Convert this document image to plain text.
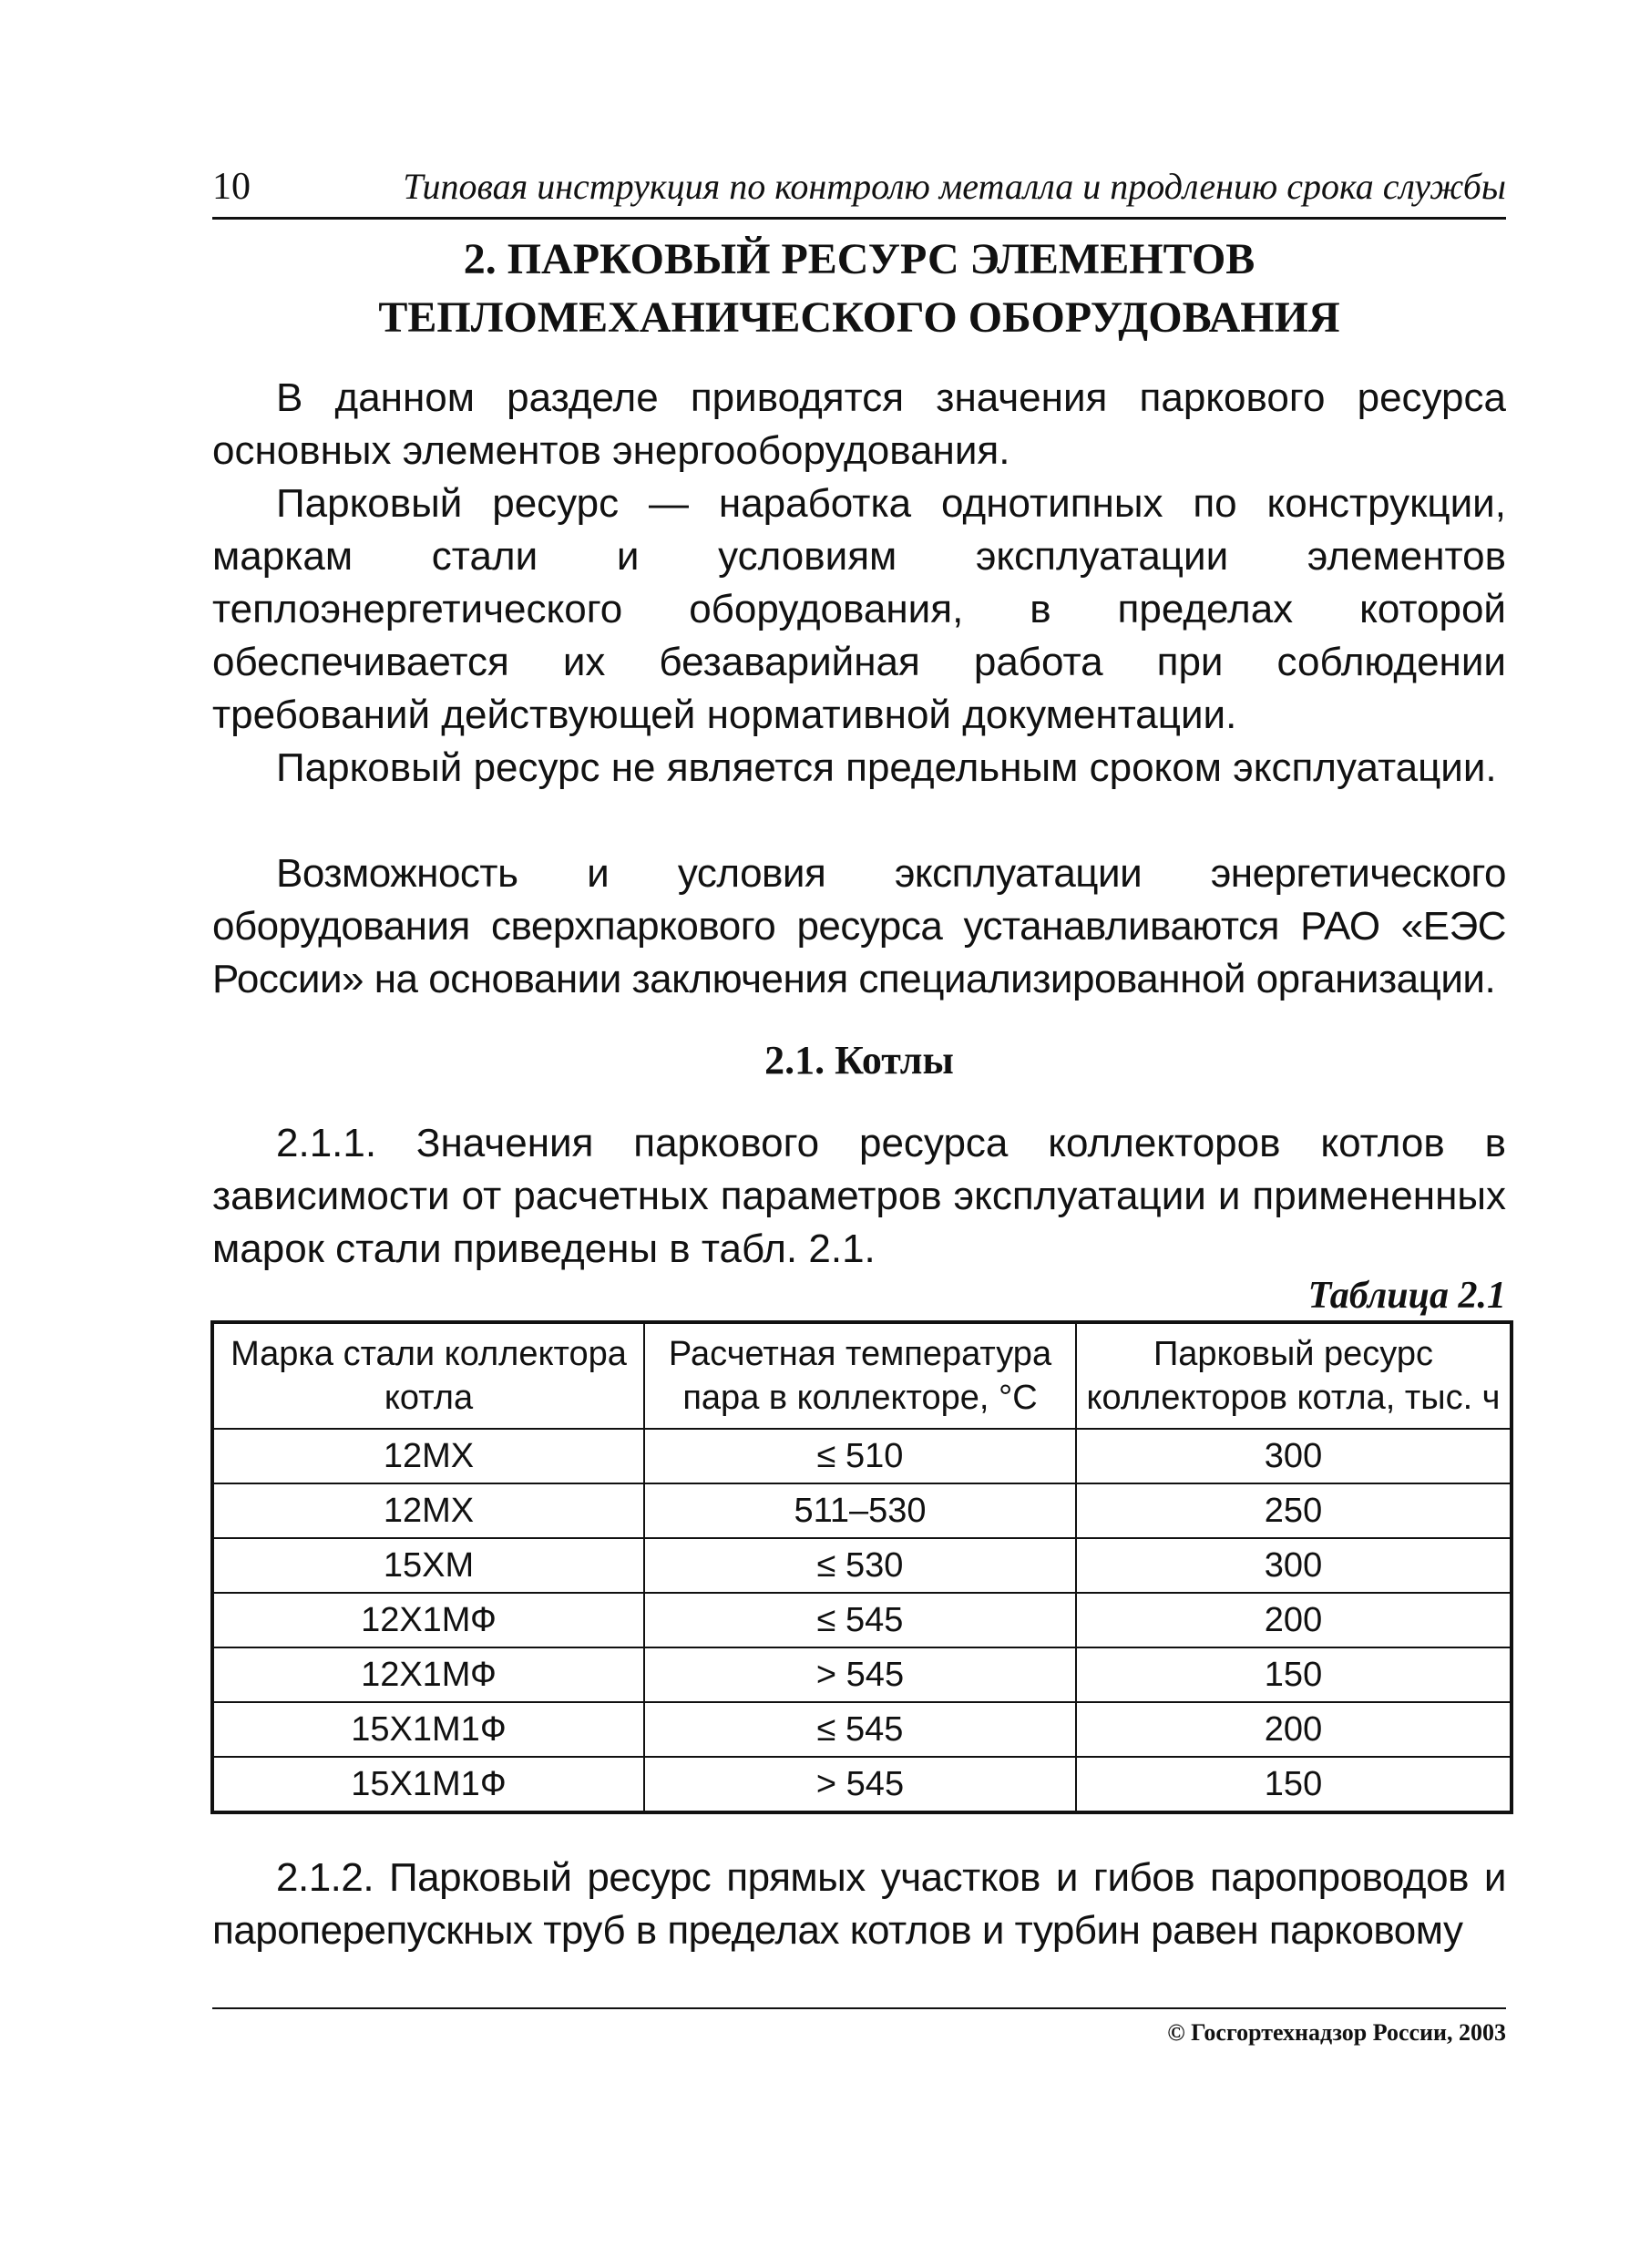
10	Типовая инструкция по контролю металла и продлению срока службы
2. ПАРКОВЫЙ РЕСУРС ЭЛЕМЕНТОВ
ТЕПЛОМЕХАНИЧЕСКОГО ОБОРУДОВАНИЯ

В данном разделе приводятся значения паркового ресурса основных элементов энергооборудования.

Парковый ресурс — наработка однотипных по конструкции, маркам стали и условиям эксплуатации элементов теплоэнергетического оборудования, в пределах которой обеспечивается их безаварийная работа при соблюдении требований действующей нормативной документации.

Парковый ресурс не является предельным сроком эксплуатации.

Возможность и условия эксплуатации энергетического оборудования сверхпаркового ресурса устанавливаются РАО «ЕЭС России» на основании заключения специализированной организации.

2.1. Котлы

2.1.1. Значения паркового ресурса коллекторов котлов в зависимости от расчетных параметров эксплуатации и примененных марок стали приведены в табл. 2.1.

Таблица 2.1
Марка стали коллектора котла	Расчетная температура пара в коллекторе, °С	Парковый ресурс коллекторов котла, тыс. ч
12МХ	≤ 510	300
12МХ	511–530	250
15ХМ	≤ 530	300
12Х1МФ	≤ 545	200
12Х1МФ	> 545	150
15Х1М1Ф	≤ 545	200
15Х1М1Ф	> 545	150

2.1.2. Парковый ресурс прямых участков и гибов паропроводов и пароперепускных труб в пределах котлов и турбин равен парковому

© Госгортехнадзор России, 2003
